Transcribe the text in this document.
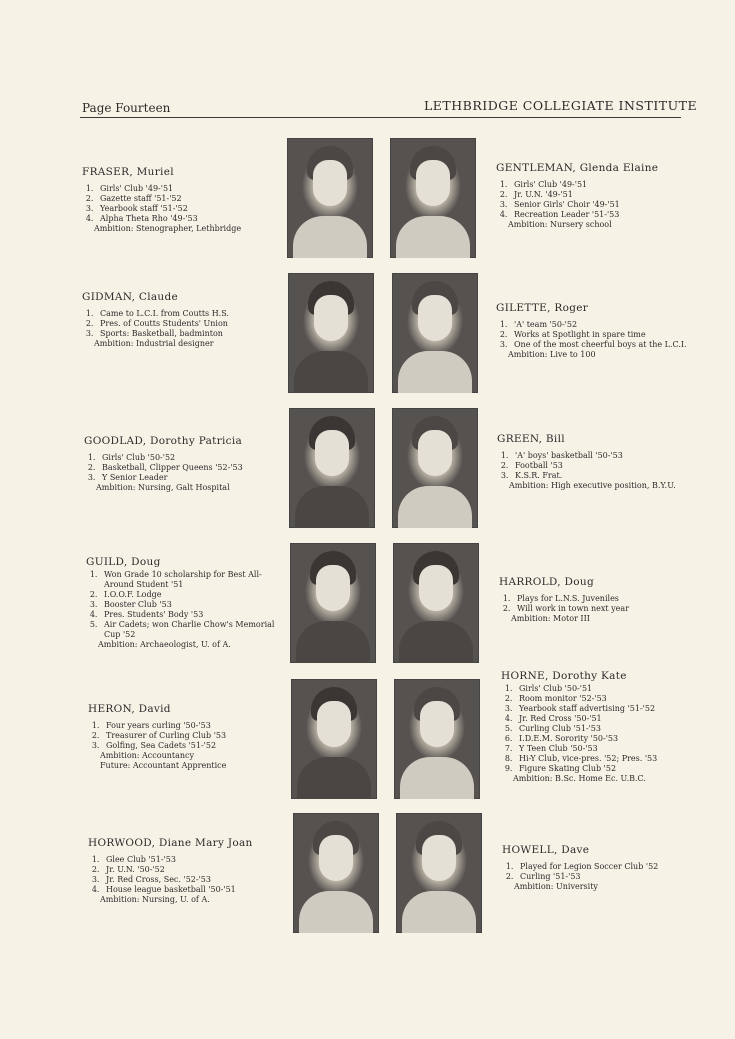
Page Fourteen	LETHBRIDGE COLLEGIATE INSTITUTE
FRASER, Muriel
1. Girls' Club '49-'51
2. Gazette staff '51-'52
3. Yearbook staff '51-'52
4. Alpha Theta Rho '49-'53
Ambition: Stenographer, Lethbridge
GENTLEMAN, Glenda Elaine
1. Girls' Club '49-'51
2. Jr. U.N. '49-'51
3. Senior Girls' Choir '49-'51
4. Recreation Leader '51-'53
Ambition: Nursery school
GIDMAN, Claude
1. Came to L.C.I. from Coutts H.S.
2. Pres. of Coutts Students' Union
3. Sports: Basketball, badminton
Ambition: Industrial designer
GILETTE, Roger
1. 'A' team '50-'52
2. Works at Spotlight in spare time
3. One of the most cheerful boys at the L.C.I.
Ambition: Live to 100
GOODLAD, Dorothy Patricia
1. Girls' Club '50-'52
2. Basketball, Clipper Queens '52-'53
3. Y Senior Leader
Ambition: Nursing, Galt Hospital
GREEN, Bill
1. 'A' boys' basketball '50-'53
2. Football '53
3. K.S.R. Frat.
Ambition: High executive position, B.Y.U.
GUILD, Doug
1. Won Grade 10 scholarship for Best All-Around Student '51
2. I.O.O.F. Lodge
3. Booster Club '53
4. Pres. Students' Body '53
5. Air Cadets; won Charlie Chow's Memorial Cup '52
Ambition: Archaeologist, U. of A.
HARROLD, Doug
1. Plays for L.N.S. Juveniles
2. Will work in town next year
Ambition: Motor III
HERON, David
1. Four years curling '50-'53
2. Treasurer of Curling Club '53
3. Golfing, Sea Cadets '51-'52
Ambition: Accountancy
Future: Accountant Apprentice
HORNE, Dorothy Kate
1. Girls' Club '50-'51
2. Room monitor '52-'53
3. Yearbook staff advertising '51-'52
4. Jr. Red Cross '50-'51
5. Curling Club '51-'53
6. I.D.E.M. Sorority '50-'53
7. Y Teen Club '50-'53
8. Hi-Y Club, vice-pres. '52; Pres. '53
9. Figure Skating Club '52
Ambition: B.Sc. Home Ec. U.B.C.
HORWOOD, Diane Mary Joan
1. Glee Club '51-'53
2. Jr. U.N. '50-'52
3. Jr. Red Cross, Sec. '52-'53
4. House league basketball '50-'51
Ambition: Nursing, U. of A.
HOWELL, Dave
1. Played for Legion Soccer Club '52
2. Curling '51-'53
Ambition: University
